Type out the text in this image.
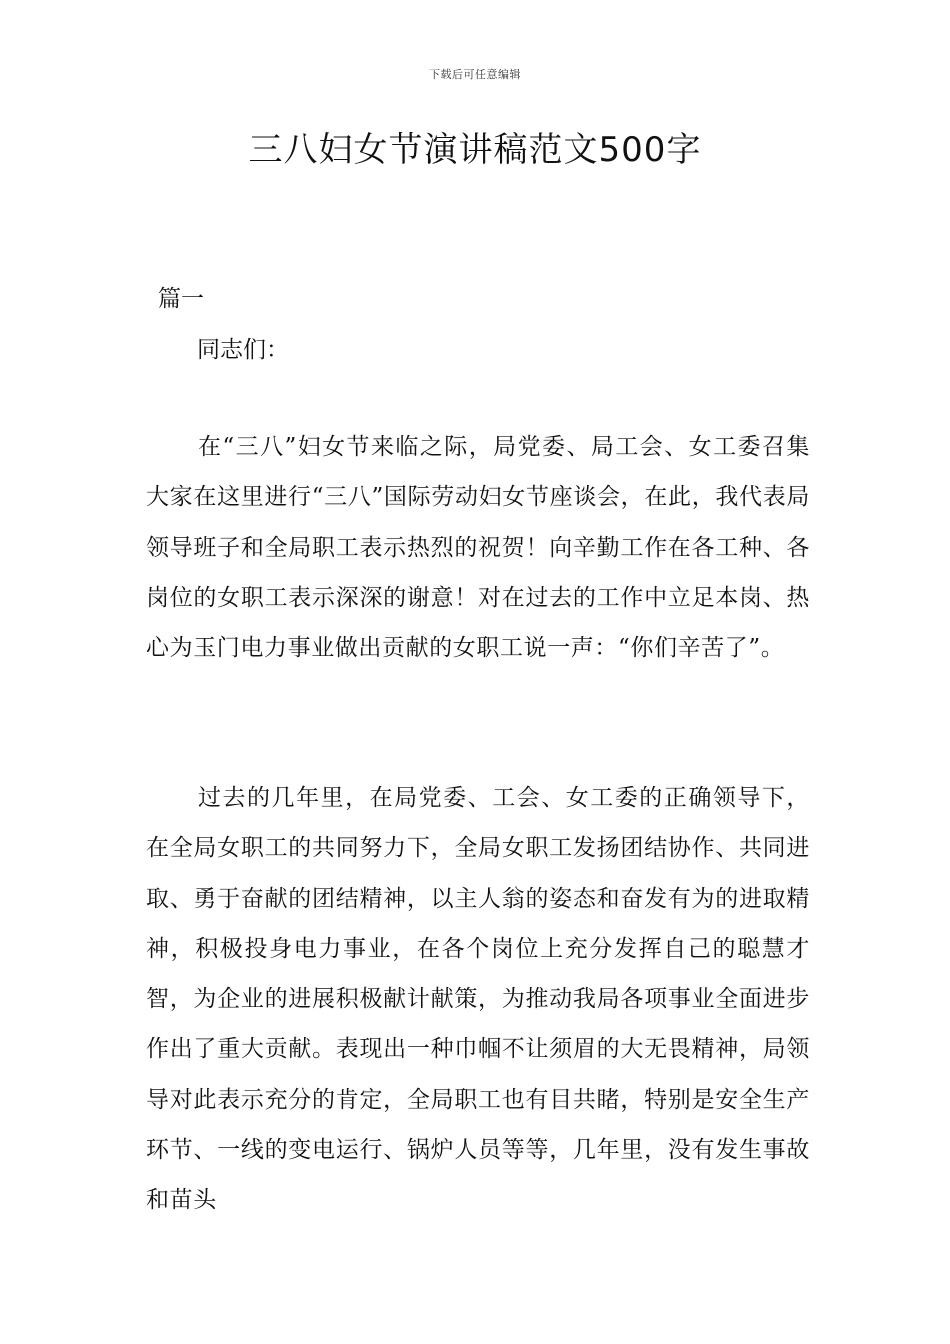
下载后可任意编辑
三八妇女节演讲稿范文500字
篇一
同志们：

在“三八”妇女节来临之际，局党委、局工会、女工委召集大家在这里进行“三八”国际劳动妇女节座谈会，在此，我代表局领导班子和全局职工表示热烈的祝贺！向辛勤工作在各工种、各岗位的女职工表示深深的谢意！对在过去的工作中立足本岗、热心为玉门电力事业做出贡献的女职工说一声：“你们辛苦了”。

过去的几年里，在局党委、工会、女工委的正确领导下，在全局女职工的共同努力下，全局女职工发扬团结协作、共同进取、勇于奋献的团结精神，以主人翁的姿态和奋发有为的进取精神，积极投身电力事业，在各个岗位上充分发挥自己的聪慧才智，为企业的进展积极献计献策，为推动我局各项事业全面进步作出了重大贡献。表现出一种巾帼不让须眉的大无畏精神，局领导对此表示充分的肯定，全局职工也有目共睹，特别是安全生产环节、一线的变电运行、锅炉人员等等，几年里，没有发生事故和苗头
